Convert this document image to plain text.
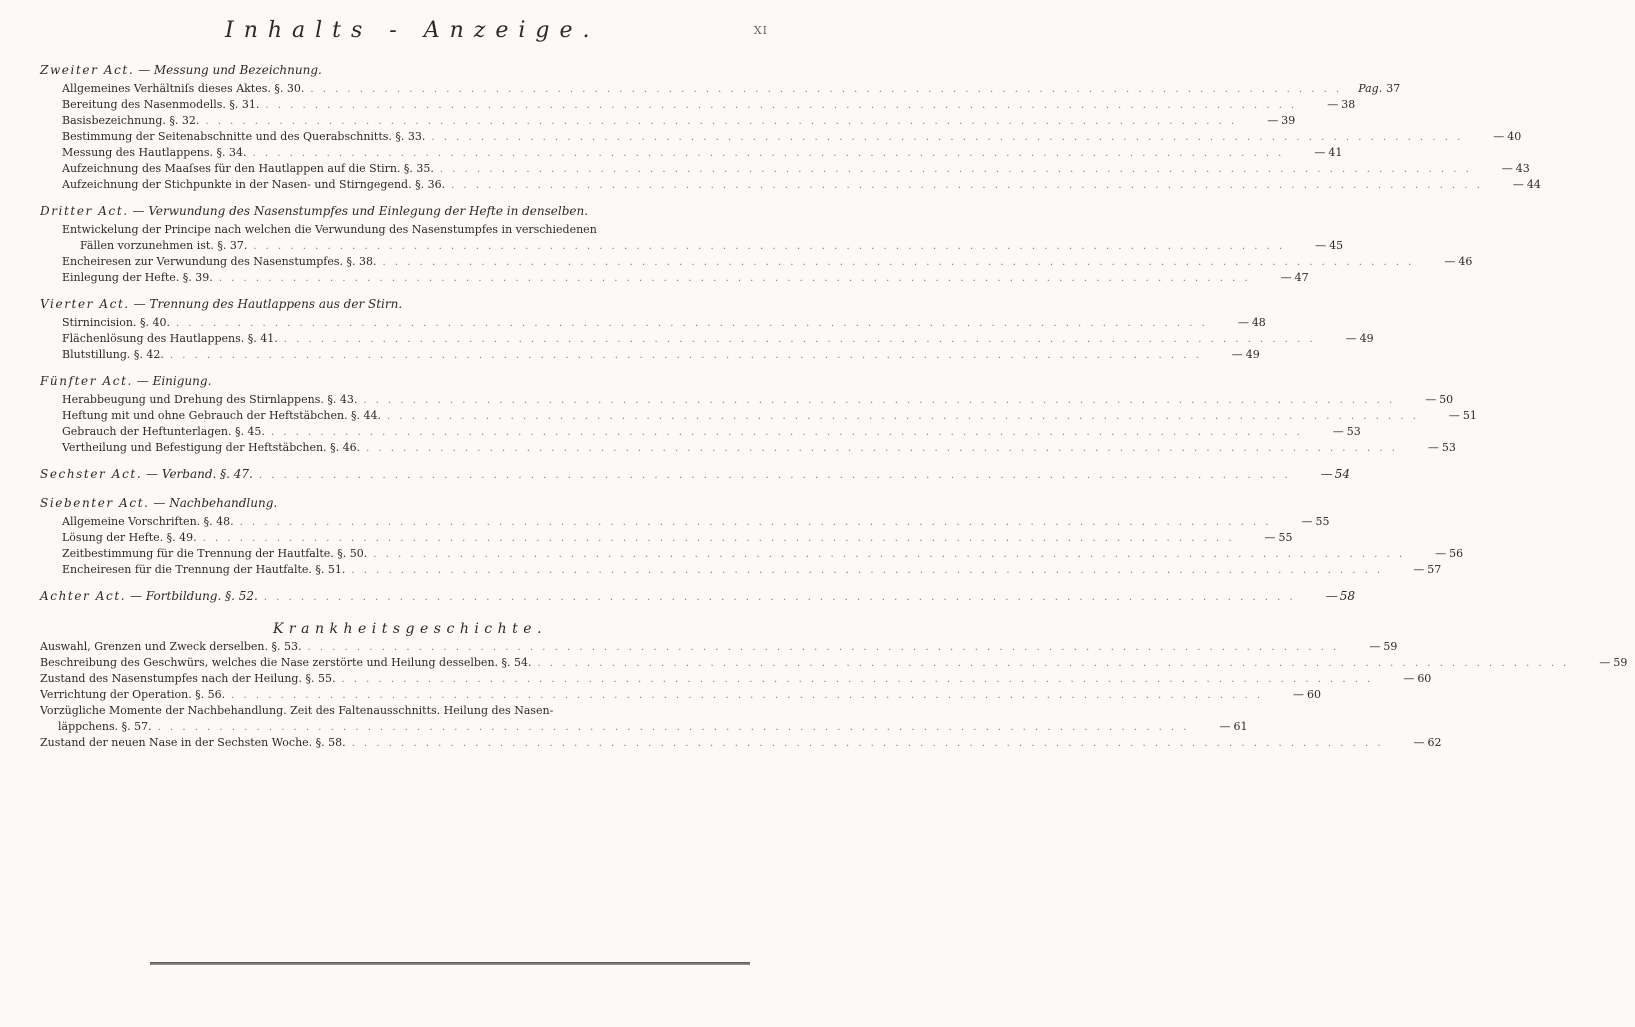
Inhalts - Anzeige.	XI
Zweiter Act. — Messung und Bezeichnung.
Allgemeines Verhältniſs dieses Aktes. §. 30. . . .	Pag. 37
Bereitung des Nasenmodells. §. 31. . . .	— 38
Basisbezeichnung. §. 32. . . .	— 39
Bestimmung der Seitenabschnitte und des Querabschnitts. §. 33. . . .	— 40
Messung des Hautlappens. §. 34. . . .	— 41
Aufzeichnung des Maaſses für den Hautlappen auf die Stirn. §. 35. . . .	— 43
Aufzeichnung der Stichpunkte in der Nasen- und Stirngegend. §. 36. . . .	— 44
Dritter Act. — Verwundung des Nasenstumpfes und Einlegung der Hefte in denselben.
Entwickelung der Principe nach welchen die Verwundung des Nasenstumpfes in verschiedenen
Fällen vorzunehmen ist. §. 37. . . .	— 45
Encheiresen zur Verwundung des Nasenstumpfes. §. 38. . . .	— 46
Einlegung der Hefte. §. 39. . . .	— 47
Vierter Act. — Trennung des Hautlappens aus der Stirn.
Stirnincision. §. 40. . . .	— 48
Flächenlösung des Hautlappens. §. 41. . . .	— 49
Blutstillung. §. 42. . . .	— 49
Fünfter Act. — Einigung.
Herabbeugung und Drehung des Stirnlappens. §. 43. . . .	— 50
Heftung mit und ohne Gebrauch der Heftstäbchen. §. 44. . . .	— 51
Gebrauch der Heftunterlagen. §. 45. . . .	— 53
Vertheilung und Befestigung der Heftstäbchen. §. 46. . . .	— 53
Sechster Act. — Verband. §. 47. . . .	— 54
Siebenter Act. — Nachbehandlung.
Allgemeine Vorschriften. §. 48. . . .	— 55
Lösung der Hefte. §. 49. . . .	— 55
Zeitbestimmung für die Trennung der Hautfalte. §. 50. . . .	— 56
Encheiresen für die Trennung der Hautfalte. §. 51. . . .	— 57
Achter Act. — Fortbildung. §. 52. . . .	— 58
Krankheitsgeschichte.
Auswahl, Grenzen und Zweck derselben. §. 53. . . .	— 59
Beschreibung des Geschwürs, welches die Nase zerstörte und Heilung desselben. §. 54. . . .	— 59
Zustand des Nasenstumpfes nach der Heilung. §. 55. . . .	— 60
Verrichtung der Operation. §. 56. . . .	— 60
Vorzügliche Momente der Nachbehandlung. Zeit des Faltenausschnitts. Heilung des Nasen-
läppchens. §. 57. . . .	— 61
Zustand der neuen Nase in der Sechsten Woche. §. 58. . . .	— 62
